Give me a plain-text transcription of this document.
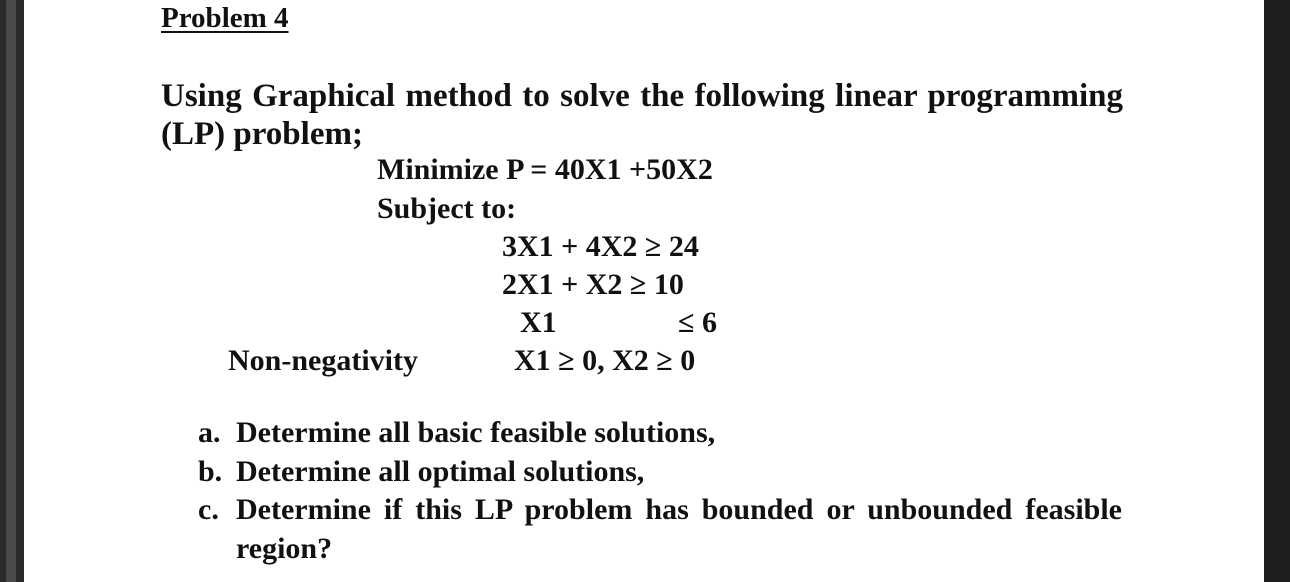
Problem 4
Using Graphical method to solve the following linear programming (LP) problem;
Minimize P = 40X1 +50X2
Subject to:
3X1 + 4X2 ≥ 24
2X1 + X2 ≥ 10
X1	≤ 6
Non-negativity	X1 ≥ 0, X2 ≥ 0
a. Determine all basic feasible solutions,
b. Determine all optimal solutions,
c. Determine if this LP problem has bounded or unbounded feasible region?
